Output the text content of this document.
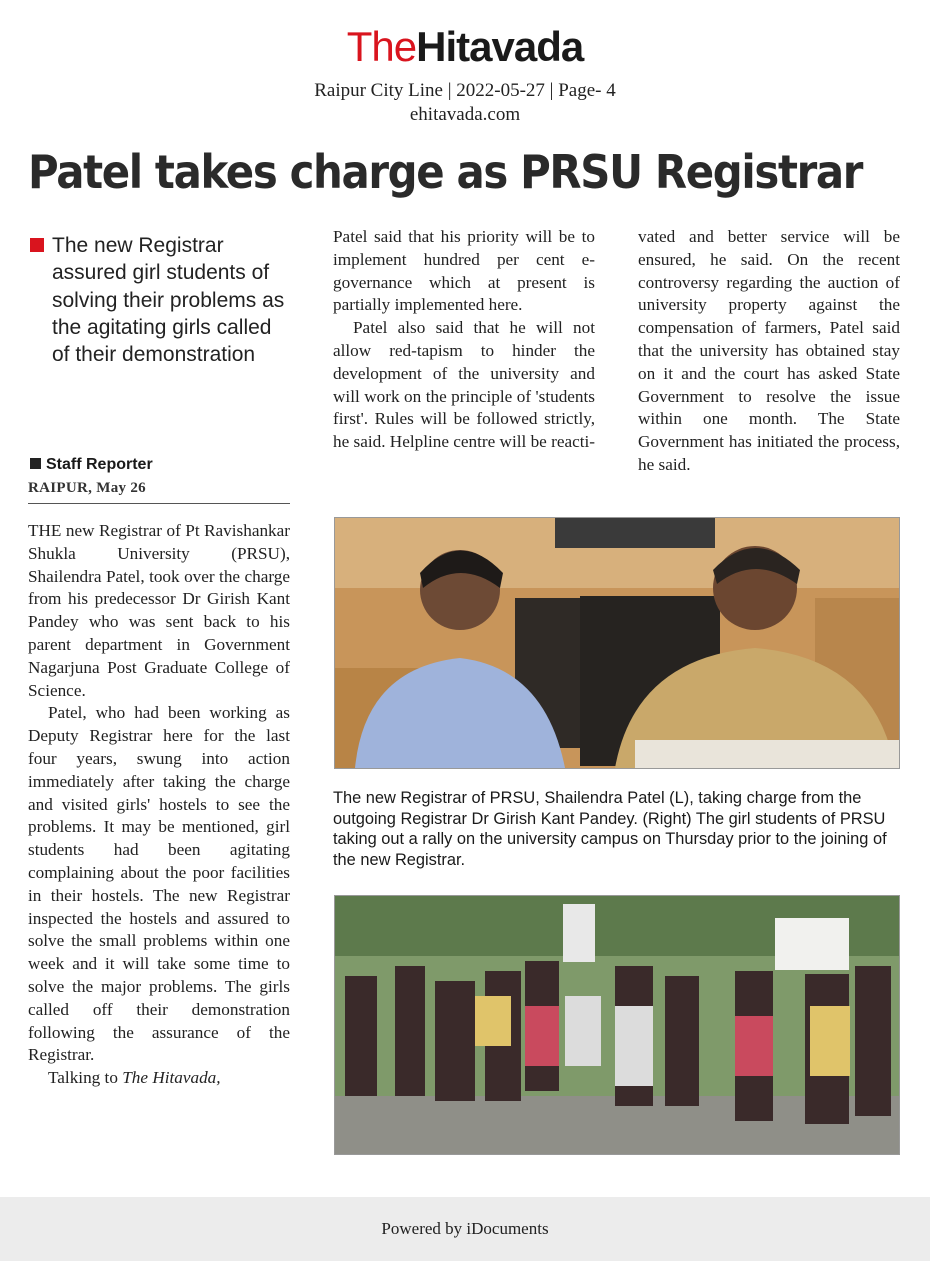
TheHitavada
Raipur City Line | 2022-05-27 | Page- 4
ehitavada.com
Patel takes charge as PRSU Registrar
The new Registrar assured girl students of solving their problems as the agitating girls called of their demonstration
Staff Reporter
RAIPUR, May 26

THE new Registrar of Pt Ravishankar Shukla University (PRSU), Shailendra Patel, took over the charge from his predecessor Dr Girish Kant Pandey who was sent back to his parent department in Government Nagarjuna Post Graduate College of Science.

Patel, who had been working as Deputy Registrar here for the last four years, swung into action immediately after taking the charge and visited girls' hostels to see the problems. It may be mentioned, girl students had been agitating complaining about the poor facilities in their hostels. The new Registrar inspected the hostels and assured to solve the small problems within one week and it will take some time to solve the major problems. The girls called off their demonstration following the assurance of the Registrar.

Talking to The Hitavada,

Patel said that his priority will be to implement hundred per cent e-governance which at present is partially implemented here.

Patel also said that he will not allow red-tapism to hinder the development of the university and will work on the principle of 'students first'. Rules will be followed strictly, he said. Helpline centre will be reacti-

vated and better service will be ensured, he said. On the recent controversy regarding the auction of university property against the compensation of farmers, Patel said that the university has obtained stay on it and the court has asked State Government to resolve the issue within one month. The State Government has initiated the process, he said.

The new Registrar of PRSU, Shailendra Patel (L), taking charge from the outgoing Registrar Dr Girish Kant Pandey. (Right) The girl students of PRSU taking out a rally on the university campus on Thursday prior to the joining of the new Registrar.
Powered by iDocuments
